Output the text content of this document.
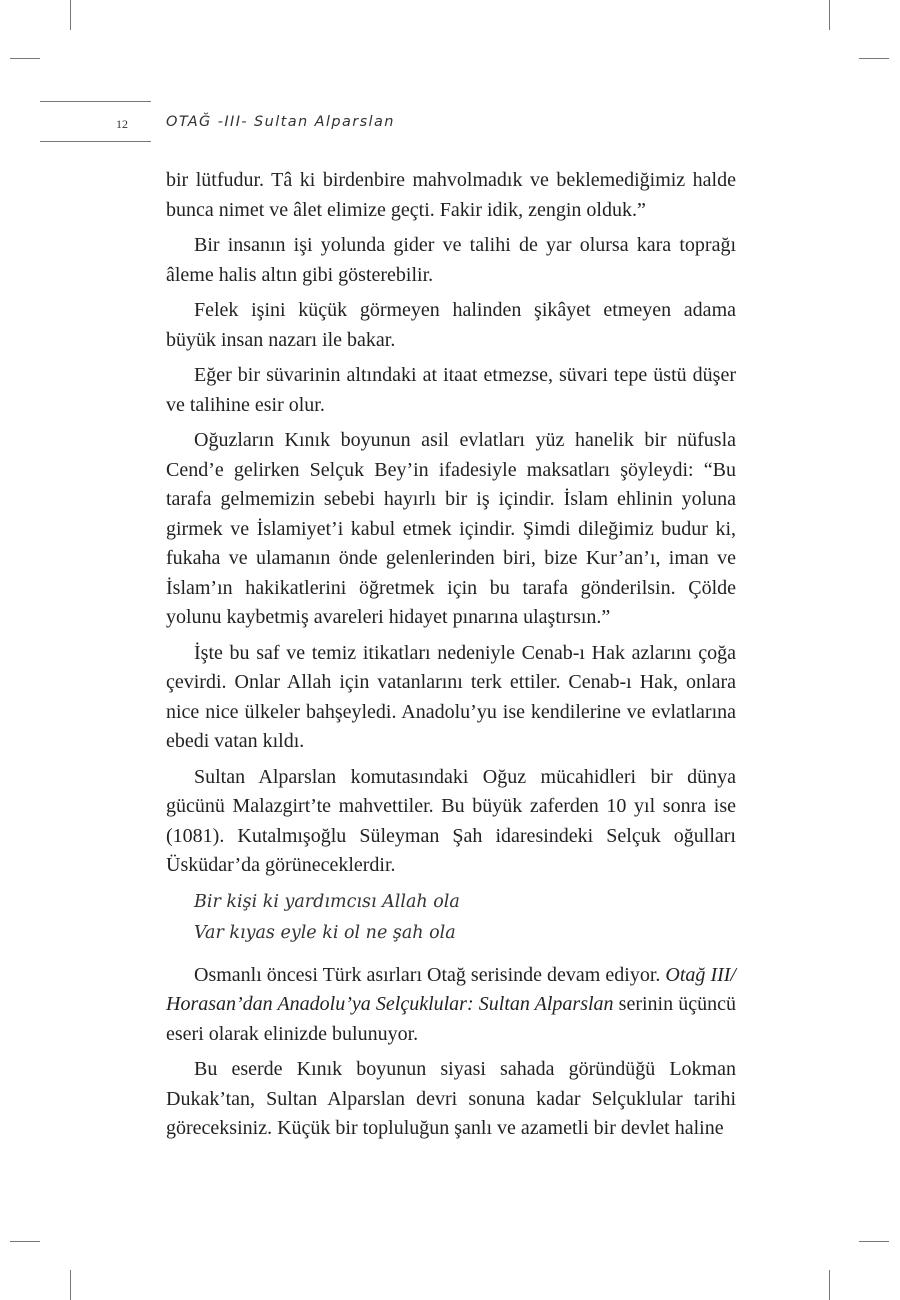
12	OTAĞ -III- Sultan Alparslan

bir lütfudur. Tâ ki birdenbire mahvolmadık ve beklemediğimiz halde bunca nimet ve âlet elimize geçti. Fakir idik, zengin olduk.”

Bir insanın işi yolunda gider ve talihi de yar olursa kara toprağı âleme halis altın gibi gösterebilir.

Felek işini küçük görmeyen halinden şikâyet etmeyen adama büyük insan nazarı ile bakar.

Eğer bir süvarinin altındaki at itaat etmezse, süvari tepe üstü düşer ve talihine esir olur.

Oğuzların Kınık boyunun asil evlatları yüz hanelik bir nüfusla Cend’e gelirken Selçuk Bey’in ifadesiyle maksatları şöyleydi: “Bu tarafa gelmemizin sebebi hayırlı bir iş içindir. İslam ehlinin yoluna girmek ve İslamiyet’i kabul etmek içindir. Şimdi dileğimiz budur ki, fukaha ve ulamanın önde gelenlerinden biri, bize Kur’an’ı, iman ve İslam’ın hakikatlerini öğretmek için bu tarafa gönderilsin. Çölde yolunu kaybetmiş avareleri hidayet pınarına ulaştırsın.”

İşte bu saf ve temiz itikatları nedeniyle Cenab-ı Hak azlarını çoğa çevirdi. Onlar Allah için vatanlarını terk ettiler. Cenab-ı Hak, onlara nice nice ülkeler bahşeyledi. Anadolu’yu ise kendilerine ve evlatlarına ebedi vatan kıldı.

Sultan Alparslan komutasındaki Oğuz mücahidleri bir dünya gücünü Malazgirt’te mahvettiler. Bu büyük zaferden 10 yıl sonra ise (1081). Kutalmışoğlu Süleyman Şah idaresindeki Selçuk oğulları Üsküdar’da görüneceklerdir.

Bir kişi ki yardımcısı Allah ola
Var kıyas eyle ki ol ne şah ola

Osmanlı öncesi Türk asırları Otağ serisinde devam ediyor. Otağ III/ Horasan’dan Anadolu’ya Selçuklular: Sultan Alparslan serinin üçüncü eseri olarak elinizde bulunuyor.

Bu eserde Kınık boyunun siyasi sahada göründüğü Lokman Dukak’tan, Sultan Alparslan devri sonuna kadar Selçuklular tarihi göreceksiniz. Küçük bir topluluğun şanlı ve azametli bir devlet haline
